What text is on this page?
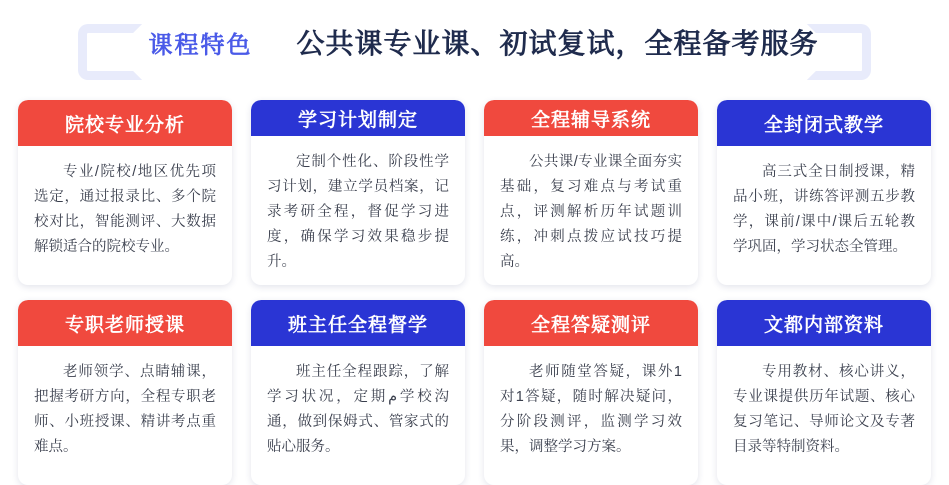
课程特色	公共课专业课、初试复试，全程备考服务
院校专业分析
专业/院校/地区优先项选定，通过报录比、多个院校对比，智能测评、大数据解锁适合的院校专业。
学习计划制定
定制个性化、阶段性学习计划，建立学员档案，记录考研全程，督促学习进度，确保学习效果稳步提升。
全程辅导系统
公共课/专业课全面夯实基础，复习难点与考试重点，评测解析历年试题训练，冲刺点拨应试技巧提高。
全封闭式教学
高三式全日制授课，精品小班，讲练答评测五步教学，课前/课中/课后五轮教学巩固，学习状态全管理。
专职老师授课
老师领学、点睛辅课，把握考研方向，全程专职老师、小班授课、精讲考点重难点。
班主任全程督学
班主任全程跟踪，了解学习状况，定期م学校沟通，做到保姆式、管家式的贴心服务。
全程答疑测评
老师随堂答疑，课外1对1答疑，随时解决疑问，分阶段测评，监测学习效果，调整学习方案。
文都内部资料
专用教材、核心讲义，专业课提供历年试题、核心复习笔记、导师论文及专著目录等特制资料。
